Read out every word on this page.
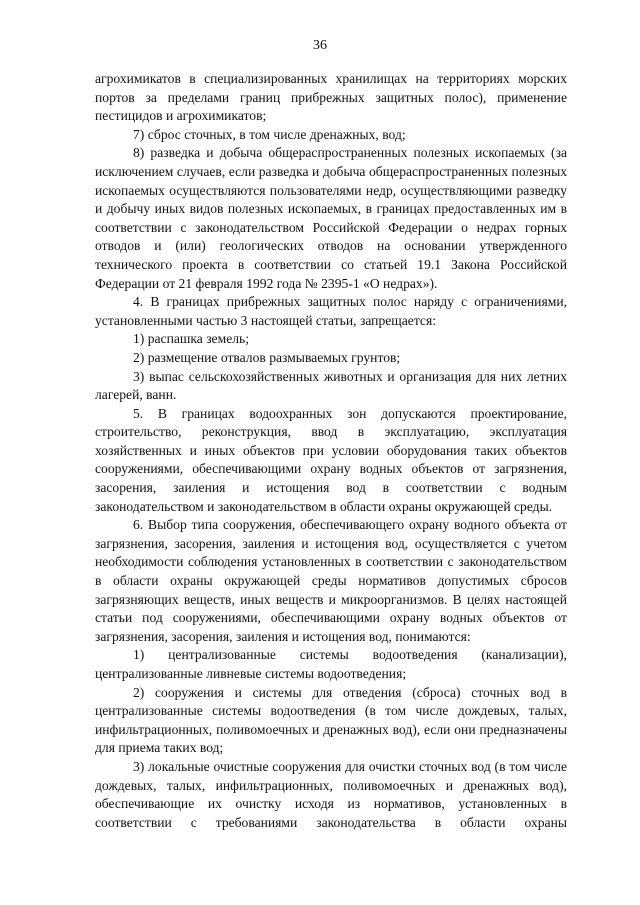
36

агрохимикатов в специализированных хранилищах на территориях морских портов за пределами границ прибрежных защитных полос), применение пестицидов и агрохимикатов;

7) сброс сточных, в том числе дренажных, вод;

8) разведка и добыча общераспространенных полезных ископаемых (за исключением случаев, если разведка и добыча общераспространенных полезных ископаемых осуществляются пользователями недр, осуществляющими разведку и добычу иных видов полезных ископаемых, в границах предоставленных им в соответствии с законодательством Российской Федерации о недрах горных отводов и (или) геологических отводов на основании утвержденного технического проекта в соответствии со статьей 19.1 Закона Российской Федерации от 21 февраля 1992 года № 2395-1 «О недрах»).

4. В границах прибрежных защитных полос наряду с ограничениями, установленными частью 3 настоящей статьи, запрещается:

1) распашка земель;

2) размещение отвалов размываемых грунтов;

3) выпас сельскохозяйственных животных и организация для них летних лагерей, ванн.

5. В границах водоохранных зон допускаются проектирование, строительство, реконструкция, ввод в эксплуатацию, эксплуатация хозяйственных и иных объектов при условии оборудования таких объектов сооружениями, обеспечивающими охрану водных объектов от загрязнения, засорения, заиления и истощения вод в соответствии с водным законодательством и законодательством в области охраны окружающей среды.

6. Выбор типа сооружения, обеспечивающего охрану водного объекта от загрязнения, засорения, заиления и истощения вод, осуществляется с учетом необходимости соблюдения установленных в соответствии с законодательством в области охраны окружающей среды нормативов допустимых сбросов загрязняющих веществ, иных веществ и микроорганизмов. В целях настоящей статьи под сооружениями, обеспечивающими охрану водных объектов от загрязнения, засорения, заиления и истощения вод, понимаются:

1) централизованные системы водоотведения (канализации), централизованные ливневые системы водоотведения;

2) сооружения и системы для отведения (сброса) сточных вод в централизованные системы водоотведения (в том числе дождевых, талых, инфильтрационных, поливомоечных и дренажных вод), если они предназначены для приема таких вод;

3) локальные очистные сооружения для очистки сточных вод (в том числе дождевых, талых, инфильтрационных, поливомоечных и дренажных вод), обеспечивающие их очистку исходя из нормативов, установленных в соответствии с требованиями законодательства в области охраны
